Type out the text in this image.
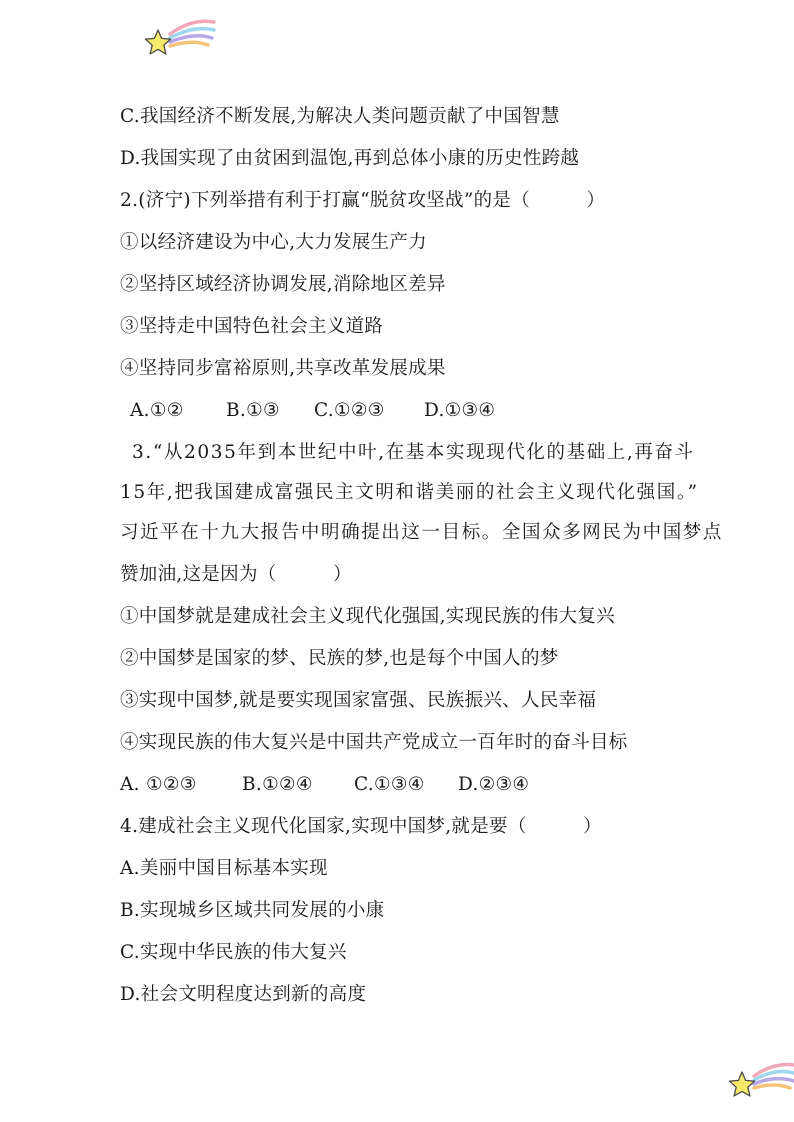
C.我国经济不断发展,为解决人类问题贡献了中国智慧

D.我国实现了由贫困到温饱,再到总体小康的历史性跨越

2.(济宁)下列举措有利于打赢“脱贫攻坚战”的是（　　　）

①以经济建设为中心,大力发展生产力

②坚持区域经济协调发展,消除地区差异

③坚持走中国特色社会主义道路

④坚持同步富裕原则,共享改革发展成果

A.①② B.①③ C.①②③ D.①③④

3.“从2035年到本世纪中叶,在基本实现现代化的基础上,再奋斗

15年,把我国建成富强民主文明和谐美丽的社会主义现代化强国。”

习近平在十九大报告中明确提出这一目标。全国众多网民为中国梦点

赞加油,这是因为（　　　）

①中国梦就是建成社会主义现代化强国,实现民族的伟大复兴

②中国梦是国家的梦、民族的梦,也是每个中国人的梦

③实现中国梦,就是要实现国家富强、民族振兴、人民幸福

④实现民族的伟大复兴是中国共产党成立一百年时的奋斗目标

A. ①②③ B.①②④ C.①③④ D.②③④

4.建成社会主义现代化国家,实现中国梦,就是要（　　　）

A.美丽中国目标基本实现

B.实现城乡区域共同发展的小康

C.实现中华民族的伟大复兴

D.社会文明程度达到新的高度
